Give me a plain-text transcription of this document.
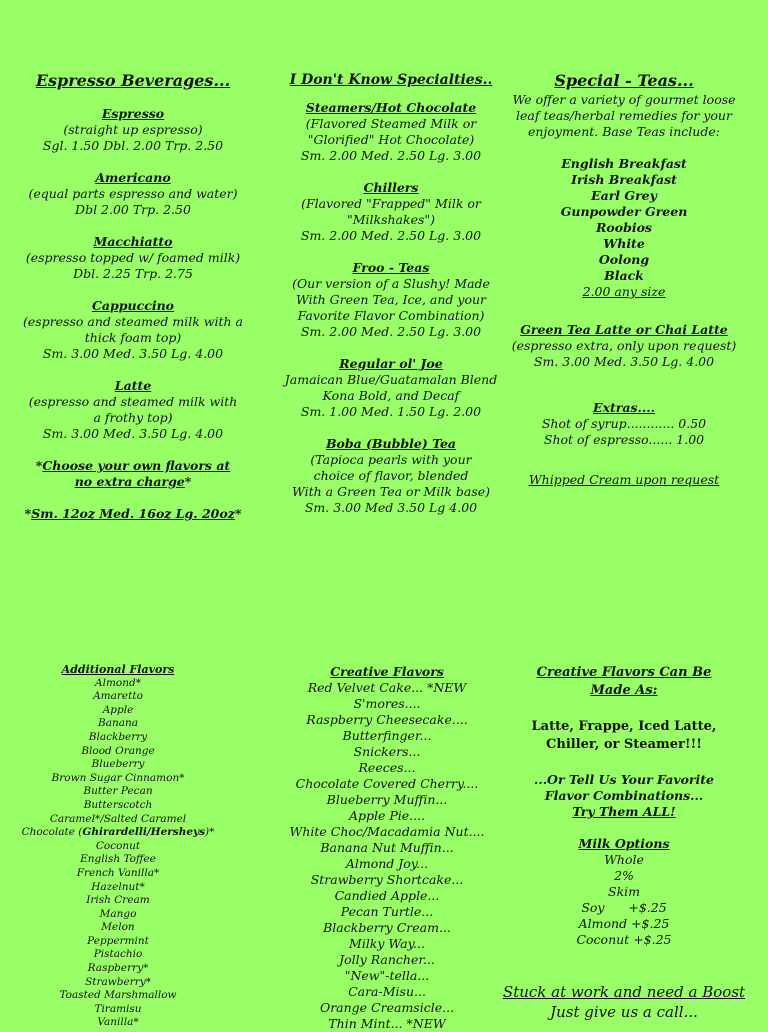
Espresso Beverages...
Espresso
(straight up espresso)
Sgl. 1.50 Dbl. 2.00 Trp. 2.50
Americano
(equal parts espresso and water)
Dbl 2.00 Trp. 2.50
Macchiatto
(espresso topped w/ foamed milk)
Dbl. 2.25 Trp. 2.75
Cappuccino
(espresso and steamed milk with a
thick foam top)
Sm. 3.00 Med. 3.50 Lg. 4.00
Latte
(espresso and steamed milk with
a frothy top)
Sm. 3.00 Med. 3.50 Lg. 4.00
*Choose your own flavors at
no extra charge*
*Sm. 12oz Med. 16oz Lg. 20oz*
I Don't Know Specialties..
Steamers/Hot Chocolate
(Flavored Steamed Milk or
"Glorified" Hot Chocolate)
Sm. 2.00 Med. 2.50 Lg. 3.00
Chillers
(Flavored "Frapped" Milk or
"Milkshakes")
Sm. 2.00 Med. 2.50 Lg. 3.00
Froo - Teas
(Our version of a Slushy! Made
With Green Tea, Ice, and your
Favorite Flavor Combination)
Sm. 2.00 Med. 2.50 Lg. 3.00
Regular ol' Joe
Jamaican Blue/Guatamalan Blend
Kona Bold, and Decaf
Sm. 1.00 Med. 1.50 Lg. 2.00
Boba (Bubble) Tea
(Tapioca pearls with your
choice of flavor, blended
With a Green Tea or Milk base)
Sm. 3.00 Med 3.50 Lg 4.00
Special - Teas...
We offer a variety of gourmet loose
leaf teas/herbal remedies for your
enjoyment. Base Teas include:
English Breakfast
Irish Breakfast
Earl Grey
Gunpowder Green
Roobios
White
Oolong
Black
2.00 any size
Green Tea Latte or Chai Latte
(espresso extra, only upon request)
Sm. 3.00 Med. 3.50 Lg. 4.00
Extras....
Shot of syrup............ 0.50
Shot of espresso...... 1.00
Whipped Cream upon request
Additional Flavors
Almond*
Amaretto
Apple
Banana
Blackberry
Blood Orange
Blueberry
Brown Sugar Cinnamon*
Butter Pecan
Butterscotch
Caramel*/Salted Caramel
Chocolate (Ghirardelli/Hersheys)*
Coconut
English Toffee
French Vanilla*
Hazelnut*
Irish Cream
Mango
Melon
Peppermint
Pistachio
Raspberry*
Strawberry*
Toasted Marshmallow
Tiramisu
Vanilla*
Creative Flavors
Red Velvet Cake... *NEW
S'mores....
Raspberry Cheesecake....
Butterfinger...
Snickers...
Reeces...
Chocolate Covered Cherry....
Blueberry Muffin...
Apple Pie....
White Choc/Macadamia Nut....
Banana Nut Muffin...
Almond Joy...
Strawberry Shortcake...
Candied Apple...
Pecan Turtle...
Blackberry Cream...
Milky Way...
Jolly Rancher...
"New"-tella...
Cara-Misu...
Orange Creamsicle...
Thin Mint... *NEW
Creative Flavors Can Be
Made As:
Latte, Frappe, Iced Latte,
Chiller, or Steamer!!!
...Or Tell Us Your Favorite
Flavor Combinations...
Try Them ALL!
Milk Options
Whole
2%
Skim
Soy +$.25
Almond +$.25
Coconut +$.25
Stuck at work and need a Boost
Just give us a call...
